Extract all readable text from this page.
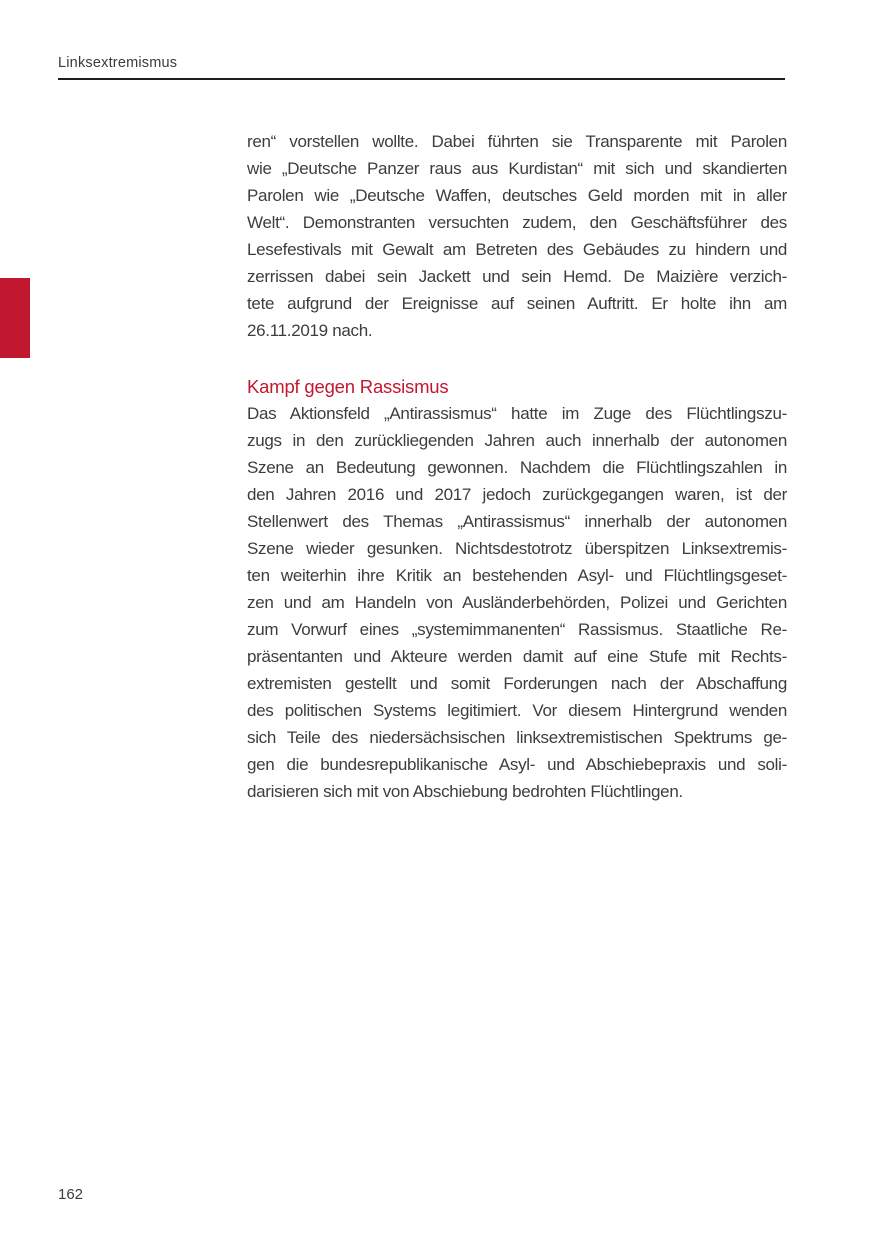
Linksextremismus
ren“ vorstellen wollte. Dabei führten sie Transparente mit Parolen
wie „Deutsche Panzer raus aus Kurdistan“ mit sich und skandierten
Parolen wie „Deutsche Waffen, deutsches Geld morden mit in aller
Welt“. Demonstranten versuchten zudem, den Geschäftsführer des
Lesefestivals mit Gewalt am Betreten des Gebäudes zu hindern und
zerrissen dabei sein Jackett und sein Hemd. De Maizière verzich-
tete aufgrund der Ereignisse auf seinen Auftritt. Er holte ihn am
26.11.2019 nach.
Kampf gegen Rassismus
Das Aktionsfeld „Antirassismus“ hatte im Zuge des Flüchtlingszu-
zugs in den zurückliegenden Jahren auch innerhalb der autonomen
Szene an Bedeutung gewonnen. Nachdem die Flüchtlingszahlen in
den Jahren 2016 und 2017 jedoch zurückgegangen waren, ist der
Stellenwert des Themas „Antirassismus“ innerhalb der autonomen
Szene wieder gesunken. Nichtsdestotrotz überspitzen Linksextremis-
ten weiterhin ihre Kritik an bestehenden Asyl- und Flüchtlingsgeset-
zen und am Handeln von Ausländerbehörden, Polizei und Gerichten
zum Vorwurf eines „systemimmanenten“ Rassismus. Staatliche Re-
präsentanten und Akteure werden damit auf eine Stufe mit Rechts-
extremisten gestellt und somit Forderungen nach der Abschaffung
des politischen Systems legitimiert. Vor diesem Hintergrund wenden
sich Teile des niedersächsischen linksextremistischen Spektrums ge-
gen die bundesrepublikanische Asyl- und Abschiebepraxis und soli-
darisieren sich mit von Abschiebung bedrohten Flüchtlingen.
162
